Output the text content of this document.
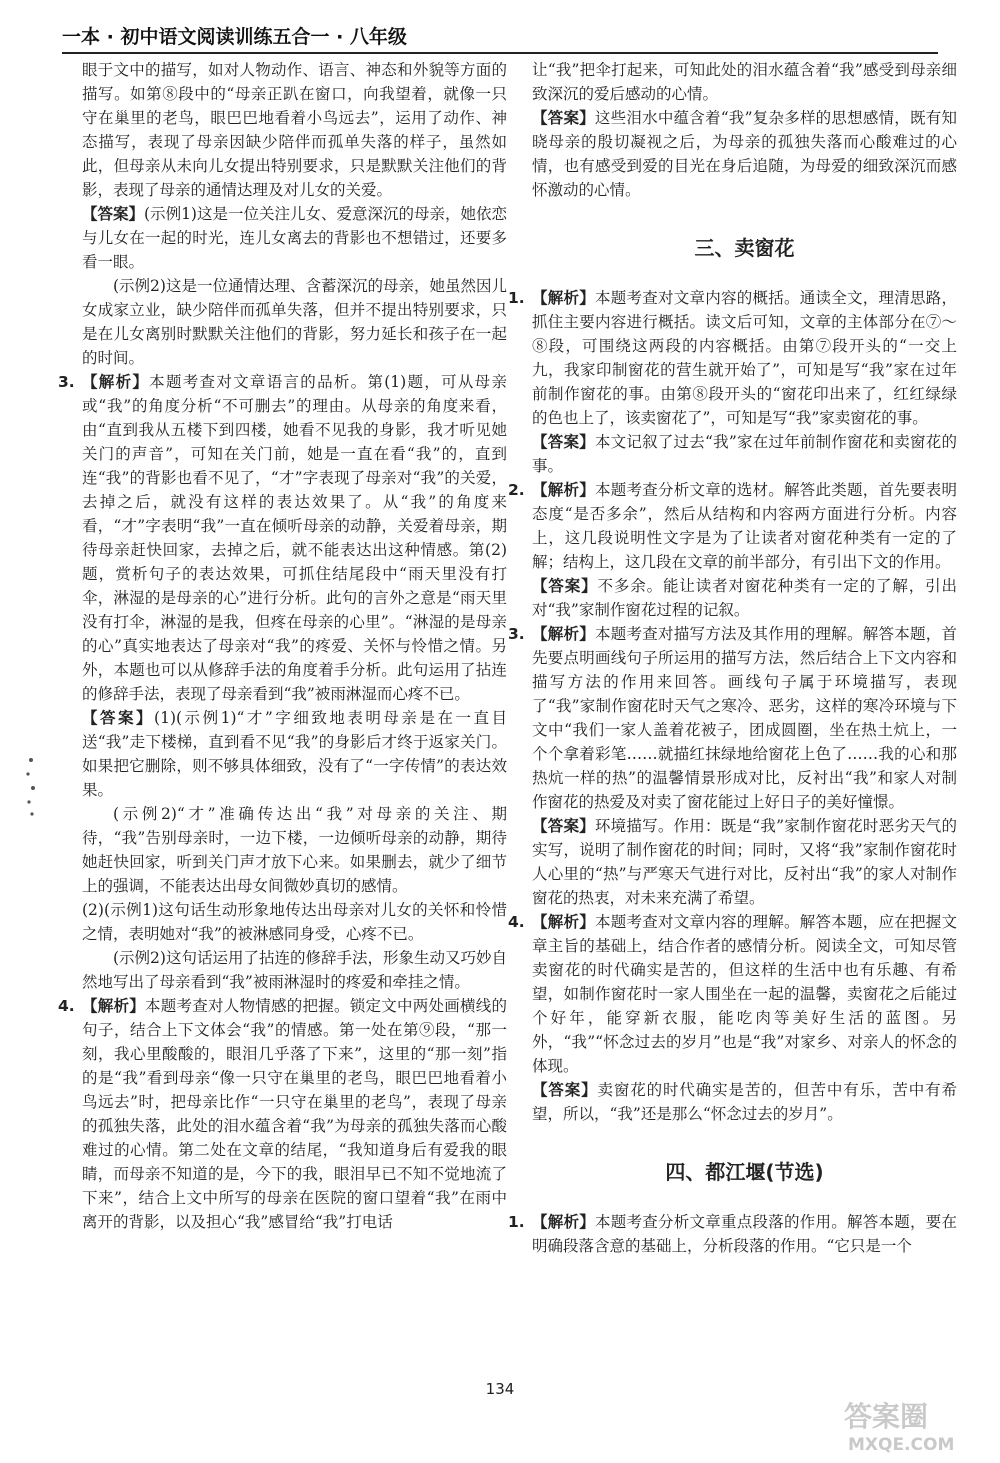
一本 · 初中语文阅读训练五合一 · 八年级

眼于文中的描写，如对人物动作、语言、神态和外貌等方面的描写。如第⑧段中的“母亲正趴在窗口，向我望着，就像一只守在巢里的老鸟，眼巴巴地看着小鸟远去”，运用了动作、神态描写，表现了母亲因缺少陪伴而孤单失落的样子，虽然如此，但母亲从未向儿女提出特别要求，只是默默关注他们的背影，表现了母亲的通情达理及对儿女的关爱。

【答案】(示例1)这是一位关注儿女、爱意深沉的母亲，她依恋与儿女在一起的时光，连儿女离去的背影也不想错过，还要多看一眼。

(示例2)这是一位通情达理、含蓄深沉的母亲，她虽然因儿女成家立业，缺少陪伴而孤单失落，但并不提出特别要求，只是在儿女离别时默默关注他们的背影，努力延长和孩子在一起的时间。

3. 【解析】本题考查对文章语言的品析。第(1)题，可从母亲或“我”的角度分析“不可删去”的理由。从母亲的角度来看，由“直到我从五楼下到四楼，她看不见我的身影，我才听见她关门的声音”，可知在关门前，她是一直在看“我”的，直到连“我”的背影也看不见了，“才”字表现了母亲对“我”的关爱，去掉之后，就没有这样的表达效果了。从“我”的角度来看，“才”字表明“我”一直在倾听母亲的动静，关爱着母亲，期待母亲赶快回家，去掉之后，就不能表达出这种情感。第(2)题，赏析句子的表达效果，可抓住结尾段中“雨天里没有打伞，淋湿的是母亲的心”进行分析。此句的言外之意是“雨天里没有打伞，淋湿的是我，但疼在母亲的心里”。“淋湿的是母亲的心”真实地表达了母亲对“我”的疼爱、关怀与怜惜之情。另外，本题也可以从修辞手法的角度着手分析。此句运用了拈连的修辞手法，表现了母亲看到“我”被雨淋湿而心疼不已。

【答案】(1)(示例1)“才”字细致地表明母亲是在一直目送“我”走下楼梯，直到看不见“我”的身影后才终于返家关门。如果把它删除，则不够具体细致，没有了“一字传情”的表达效果。

(示例2)“才”准确传达出“我”对母亲的关注、期待，“我”告别母亲时，一边下楼，一边倾听母亲的动静，期待她赶快回家，听到关门声才放下心来。如果删去，就少了细节上的强调，不能表达出母女间微妙真切的感情。

(2)(示例1)这句话生动形象地传达出母亲对儿女的关怀和怜惜之情，表明她对“我”的被淋感同身受，心疼不已。

(示例2)这句话运用了拈连的修辞手法，形象生动又巧妙自然地写出了母亲看到“我”被雨淋湿时的疼爱和牵挂之情。

4. 【解析】本题考查对人物情感的把握。锁定文中两处画横线的句子，结合上下文体会“我”的情感。第一处在第⑨段，“那一刻，我心里酸酸的，眼泪几乎落了下来”，这里的“那一刻”指的是“我”看到母亲“像一只守在巢里的老鸟，眼巴巴地看着小鸟远去”时，把母亲比作“一只守在巢里的老鸟”，表现了母亲的孤独失落，此处的泪水蕴含着“我”为母亲的孤独失落而心酸难过的心情。第二处在文章的结尾，“我知道身后有爱我的眼睛，而母亲不知道的是，今下的我，眼泪早已不知不觉地流了下来”，结合上文中所写的母亲在医院的窗口望着“我”在雨中离开的背影，以及担心“我”感冒给“我”打电话

让“我”把伞打起来，可知此处的泪水蕴含着“我”感受到母亲细致深沉的爱后感动的心情。

【答案】这些泪水中蕴含着“我”复杂多样的思想感情，既有知晓母亲的殷切凝视之后，为母亲的孤独失落而心酸难过的心情，也有感受到爱的目光在身后追随，为母爱的细致深沉而感怀激动的心情。

三、卖窗花
1. 【解析】本题考查对文章内容的概括。通读全文，理清思路，抓住主要内容进行概括。读文后可知，文章的主体部分在⑦～⑧段，可围绕这两段的内容概括。由第⑦段开头的“一交上九，我家印制窗花的营生就开始了”，可知是写“我”家在过年前制作窗花的事。由第⑧段开头的“窗花印出来了，红红绿绿的色也上了，该卖窗花了”，可知是写“我”家卖窗花的事。

【答案】本文记叙了过去“我”家在过年前制作窗花和卖窗花的事。

2. 【解析】本题考查分析文章的选材。解答此类题，首先要表明态度“是否多余”，然后从结构和内容两方面进行分析。内容上，这几段说明性文字是为了让读者对窗花种类有一定的了解；结构上，这几段在文章的前半部分，有引出下文的作用。

【答案】不多余。能让读者对窗花种类有一定的了解，引出对“我”家制作窗花过程的记叙。

3. 【解析】本题考查对描写方法及其作用的理解。解答本题，首先要点明画线句子所运用的描写方法，然后结合上下文内容和描写方法的作用来回答。画线句子属于环境描写，表现了“我”家制作窗花时天气之寒冷、恶劣，这样的寒冷环境与下文中“我们一家人盖着花被子，团成圆圈，坐在热土炕上，一个个拿着彩笔……就描红抹绿地给窗花上色了……我的心和那热炕一样的热”的温馨情景形成对比，反衬出“我”和家人对制作窗花的热爱及对卖了窗花能过上好日子的美好憧憬。

【答案】环境描写。作用：既是“我”家制作窗花时恶劣天气的实写，说明了制作窗花的时间；同时，又将“我”家制作窗花时人心里的“热”与严寒天气进行对比，反衬出“我”的家人对制作窗花的热衷，对未来充满了希望。

4. 【解析】本题考查对文章内容的理解。解答本题，应在把握文章主旨的基础上，结合作者的感情分析。阅读全文，可知尽管卖窗花的时代确实是苦的，但这样的生活中也有乐趣、有希望，如制作窗花时一家人围坐在一起的温馨，卖窗花之后能过个好年，能穿新衣服，能吃肉等美好生活的蓝图。另外，“我”“怀念过去的岁月”也是“我”对家乡、对亲人的怀念的体现。

【答案】卖窗花的时代确实是苦的，但苦中有乐，苦中有希望，所以，“我”还是那么“怀念过去的岁月”。

四、都江堰(节选)
1. 【解析】本题考查分析文章重点段落的作用。解答本题，要在明确段落含意的基础上，分析段落的作用。“它只是一个

134
答案圈
MXQE.COM
